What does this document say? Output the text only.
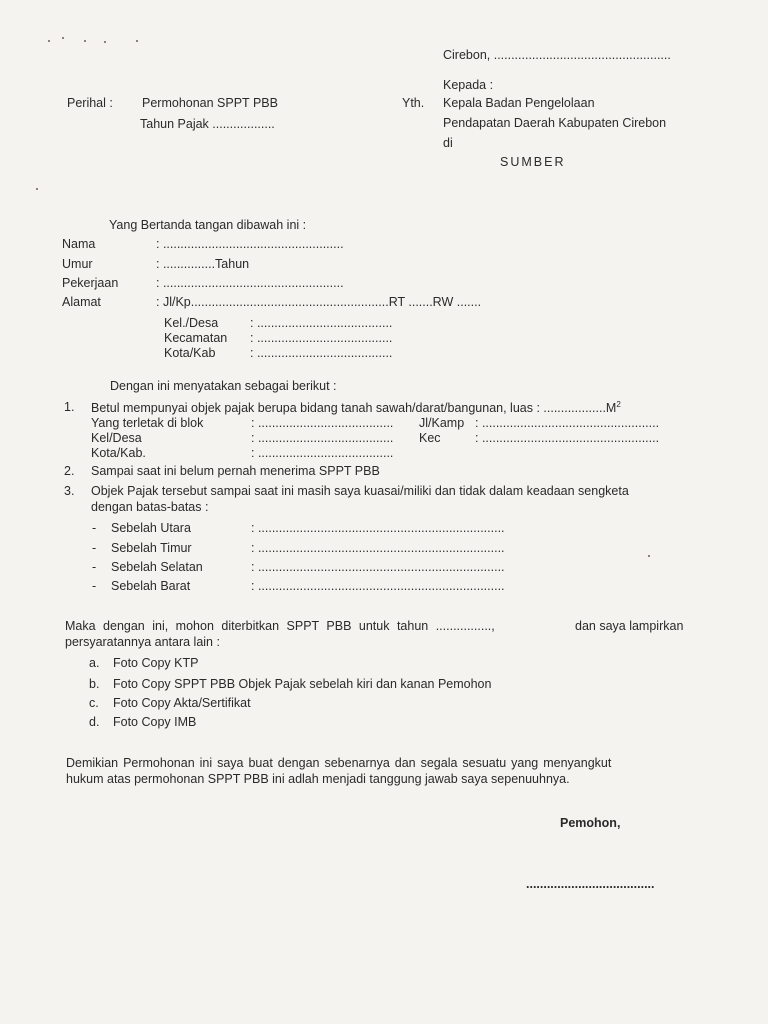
Cirebon, ...................................................
Kepada :
Perihal : Permohonan SPPT PBB
Tahun Pajak ..................
Yth. Kepala Badan Pengelolaan
Pendapatan Daerah Kabupaten Cirebon
di
SUMBER
Yang Bertanda tangan dibawah ini :
Nama	: ....................................................
Umur	: ...............Tahun
Pekerjaan	: ....................................................
Alamat	: Jl/Kp.........................................................RT .......RW .......
Kel./Desa	: .......................................
Kecamatan : .......................................
Kota/Kab	: .......................................
Dengan ini menyatakan sebagai berikut :
1. Betul mempunyai objek pajak berupa bidang tanah sawah/darat/bangunan, luas : $..................M^2$
Yang terletak di blok	: ....................................... Jl/Kamp : ...................................................
Kel/Desa	: ....................................... Kec	: ...................................................
Kota/Kab.	: .......................................
2. Sampai saat ini belum pernah menerima SPPT PBB
3. Objek Pajak tersebut sampai saat ini masih saya kuasai/miliki dan tidak dalam keadaan sengketa
dengan batas-batas :
- Sebelah Utara	: .......................................................................
- Sebelah Timur	: .......................................................................
- Sebelah Selatan	: .......................................................................
- Sebelah Barat	: .......................................................................
Maka dengan ini, mohon diterbitkan SPPT PBB untuk tahun ................,	dan saya lampirkan
persyaratannya antara lain :
a. Foto Copy KTP
b. Foto Copy SPPT PBB Objek Pajak sebelah kiri dan kanan Pemohon
c. Foto Copy Akta/Sertifikat
d. Foto Copy IMB
Demikian Permohonan ini saya buat dengan sebenarnya dan segala sesuatu yang menyangkut
hukum atas permohonan SPPT PBB ini adlah menjadi tanggung jawab saya sepenuuhnya.
Pemohon,
.....................................
